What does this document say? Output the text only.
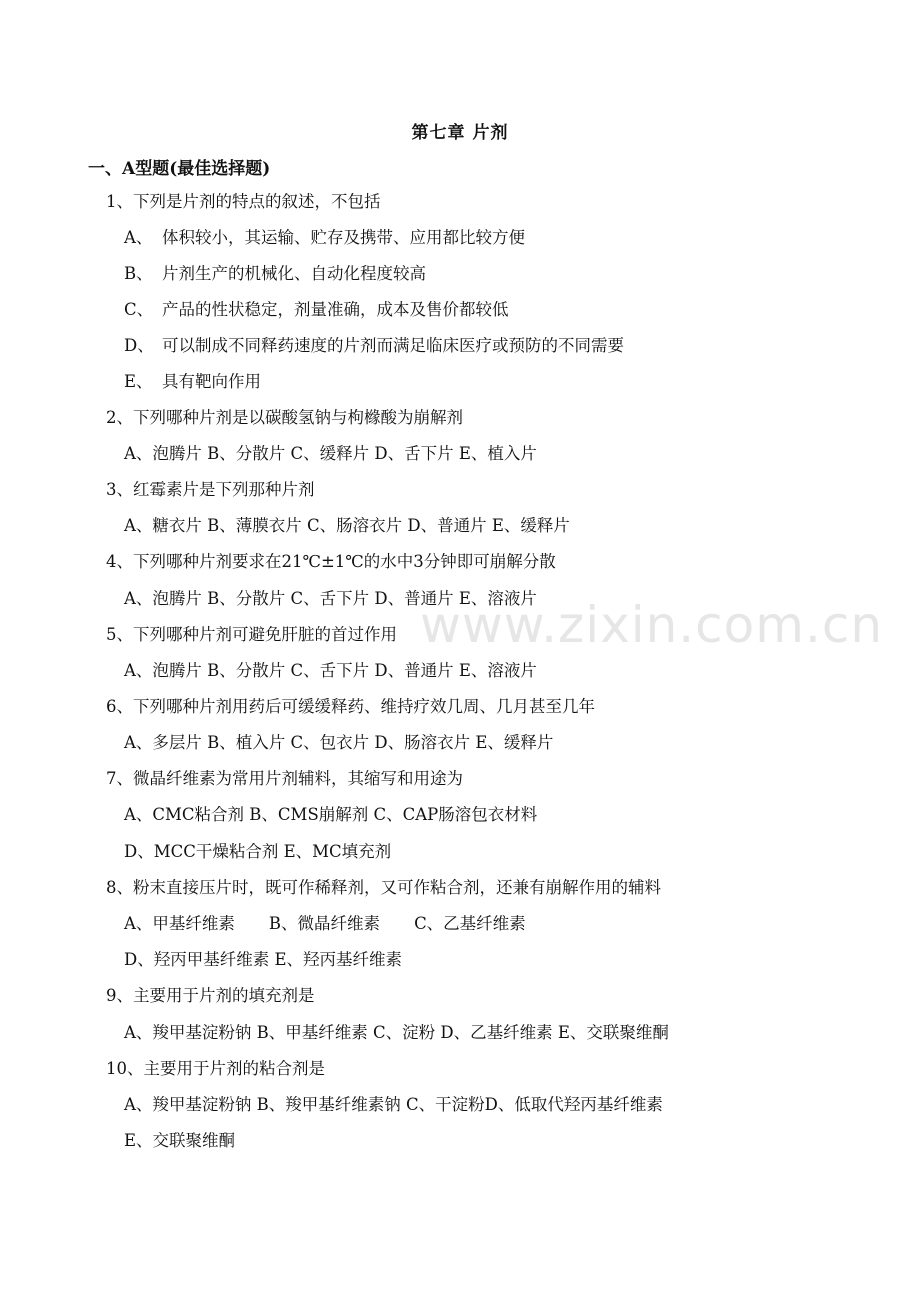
www.zixin.com.cn
第七章 片剂
一、A型题(最佳选择题)
1、下列是片剂的特点的叙述，不包括
A、 体积较小，其运输、贮存及携带、应用都比较方便
B、 片剂生产的机械化、自动化程度较高
C、 产品的性状稳定，剂量准确，成本及售价都较低
D、 可以制成不同释药速度的片剂而满足临床医疗或预防的不同需要
E、 具有靶向作用
2、下列哪种片剂是以碳酸氢钠与枸橼酸为崩解剂
A、泡腾片 B、分散片 C、缓释片 D、舌下片 E、植入片
3、红霉素片是下列那种片剂
A、糖衣片 B、薄膜衣片 C、肠溶衣片 D、普通片 E、缓释片
4、下列哪种片剂要求在21℃±1℃的水中3分钟即可崩解分散
A、泡腾片 B、分散片 C、舌下片 D、普通片 E、溶液片
5、下列哪种片剂可避免肝脏的首过作用
A、泡腾片 B、分散片 C、舌下片 D、普通片 E、溶液片
6、下列哪种片剂用药后可缓缓释药、维持疗效几周、几月甚至几年
A、多层片 B、植入片 C、包衣片 D、肠溶衣片 E、缓释片
7、微晶纤维素为常用片剂辅料，其缩写和用途为
A、CMC粘合剂 B、CMS崩解剂 C、CAP肠溶包衣材料
D、MCC干燥粘合剂 E、MC填充剂
8、粉末直接压片时，既可作稀释剂，又可作粘合剂，还兼有崩解作用的辅料
A、甲基纤维素 B、微晶纤维素 C、乙基纤维素
D、羟丙甲基纤维素 E、羟丙基纤维素
9、主要用于片剂的填充剂是
A、羧甲基淀粉钠 B、甲基纤维素 C、淀粉 D、乙基纤维素 E、交联聚维酮
10、主要用于片剂的粘合剂是
A、羧甲基淀粉钠 B、羧甲基纤维素钠 C、干淀粉D、低取代羟丙基纤维素
E、交联聚维酮
